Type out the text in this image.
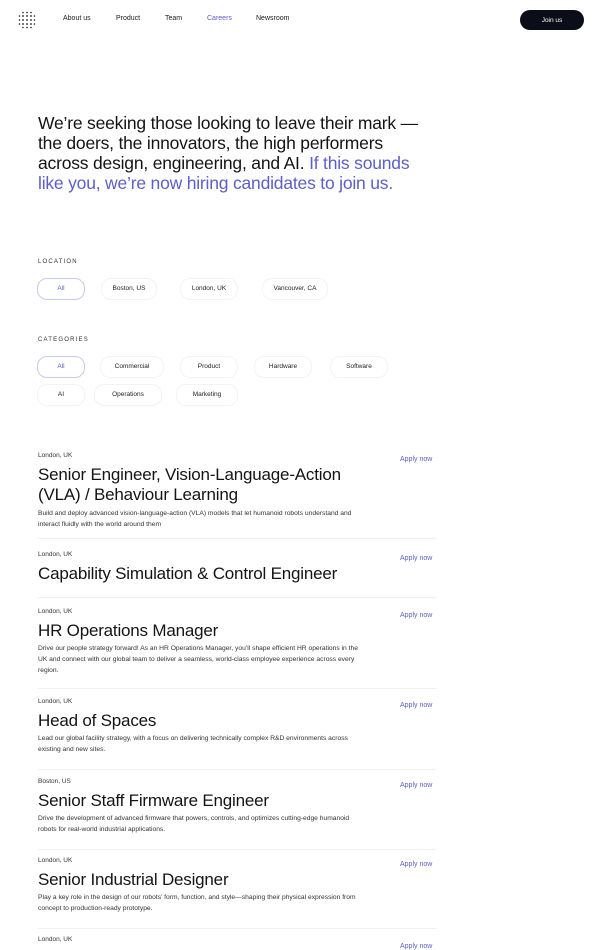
About us	Product	Team	Careers	Newsroom	Join us
We’re seeking those looking to leave their mark — the doers, the innovators, the high performers across design, engineering, and AI. If this sounds like you, we’re now hiring candidates to join us.
LOCATION
All	Boston, US	London, UK	Vancouver, CA
CATEGORIES
All	Commercial	Product	Hardware	Software
AI	Operations	Marketing
London, UK
Apply now
Senior Engineer, Vision-Language-Action (VLA) / Behaviour Learning

Build and deploy advanced vision-language-action (VLA) models that let humanoid robots understand and interact fluidly with the world around them

London, UK
Apply now
Capability Simulation & Control Engineer
London, UK
Apply now
HR Operations Manager

Drive our people strategy forward! As an HR Operations Manager, you’ll shape efficient HR operations in the UK and connect with our global team to deliver a seamless, world-class employee experience across every region.

London, UK
Apply now
Head of Spaces

Lead our global facility strategy, with a focus on delivering technically complex R&D environments across existing and new sites.

Boston, US
Apply now
Senior Staff Firmware Engineer

Drive the development of advanced firmware that powers, controls, and optimizes cutting-edge humanoid robots for real-world industrial applications.

London, UK
Apply now
Senior Industrial Designer

Play a key role in the design of our robots’ form, function, and style—shaping their physical expression from concept to production-ready prototype.

London, UK
Apply now
